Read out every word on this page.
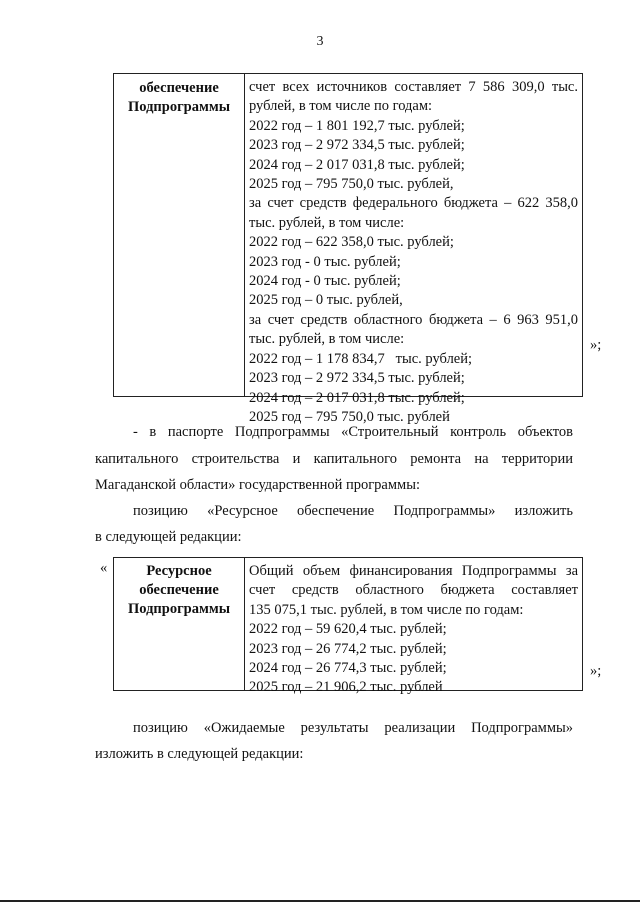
3
обеспечение
Подпрограммы
счет всех источников составляет 7 586 309,0 тыс.
рублей, в том числе по годам:
2022 год – 1 801 192,7 тыс. рублей;
2023 год – 2 972 334,5 тыс. рублей;
2024 год – 2 017 031,8 тыс. рублей;
2025 год – 795 750,0 тыс. рублей,
за счет средств федерального бюджета – 622 358,0
тыс. рублей, в том числе:
2022 год – 622 358,0 тыс. рублей;
2023 год - 0 тыс. рублей;
2024 год - 0 тыс. рублей;
2025 год – 0 тыс. рублей,
за счет средств областного бюджета – 6 963 951,0
тыс. рублей, в том числе:
2022 год – 1 178 834,7   тыс. рублей;
2023 год – 2 972 334,5 тыс. рублей;
2024 год – 2 017 031,8 тыс. рублей;
2025 год – 795 750,0 тыс. рублей
»;
- в паспорте Подпрограммы «Строительный контроль объектов
капитального строительства и капитального ремонта на территории
Магаданской области» государственной программы:
позицию «Ресурсное обеспечение Подпрограммы» изложить
в следующей редакции:
«	Ресурсное
обеспечение
Подпрограммы
Общий объем финансирования Подпрограммы за
счет средств областного бюджета составляет
135 075,1 тыс. рублей, в том числе по годам:
2022 год – 59 620,4 тыс. рублей;
2023 год – 26 774,2 тыс. рублей;
2024 год – 26 774,3 тыс. рублей;
2025 год – 21 906,2 тыс. рублей
»;
позицию «Ожидаемые результаты реализации Подпрограммы»
изложить в следующей редакции:
